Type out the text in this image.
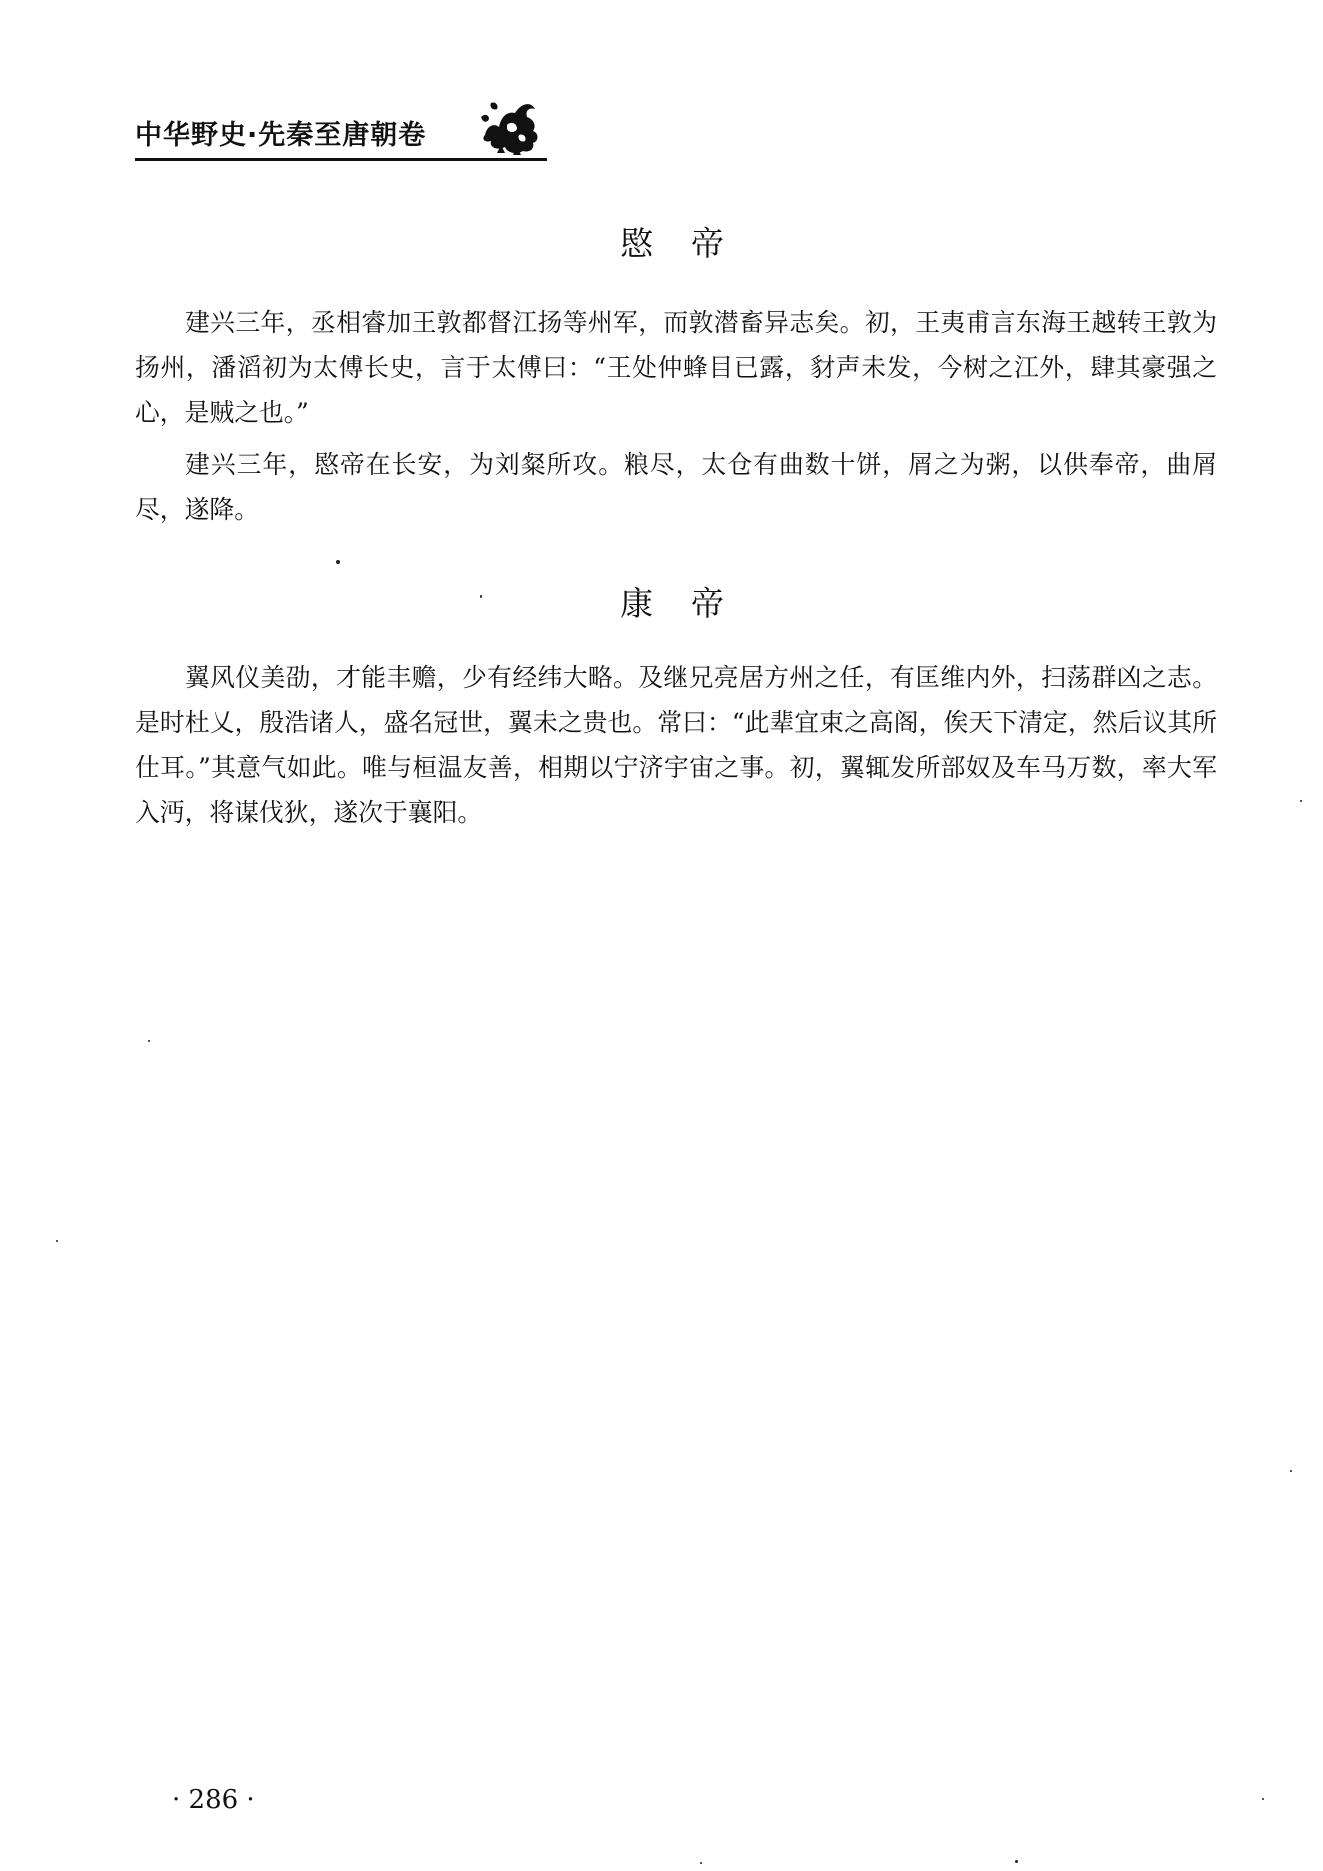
中华野史·先秦至唐朝卷
愍帝

建兴三年，丞相睿加王敦都督江扬等州军，而敦潜畜异志矣。初，王夷甫言东海王越转王敦为扬州，潘滔初为太傅长史，言于太傅曰：“王处仲蜂目已露，豺声未发，今树之江外，肆其豪强之心，是贼之也。”

建兴三年，愍帝在长安，为刘粲所攻。粮尽，太仓有曲数十饼，屑之为粥，以供奉帝，曲屑尽，遂降。

康帝

翼风仪美劭，才能丰赡，少有经纬大略。及继兄亮居方州之任，有匡维内外，扫荡群凶之志。是时杜乂，殷浩诸人，盛名冠世，翼未之贵也。常曰：“此辈宜束之高阁，俟天下清定，然后议其所仕耳。”其意气如此。唯与桓温友善，相期以宁济宇宙之事。初，翼辄发所部奴及车马万数，率大军入沔，将谋伐狄，遂次于襄阳。

· 286 ·
